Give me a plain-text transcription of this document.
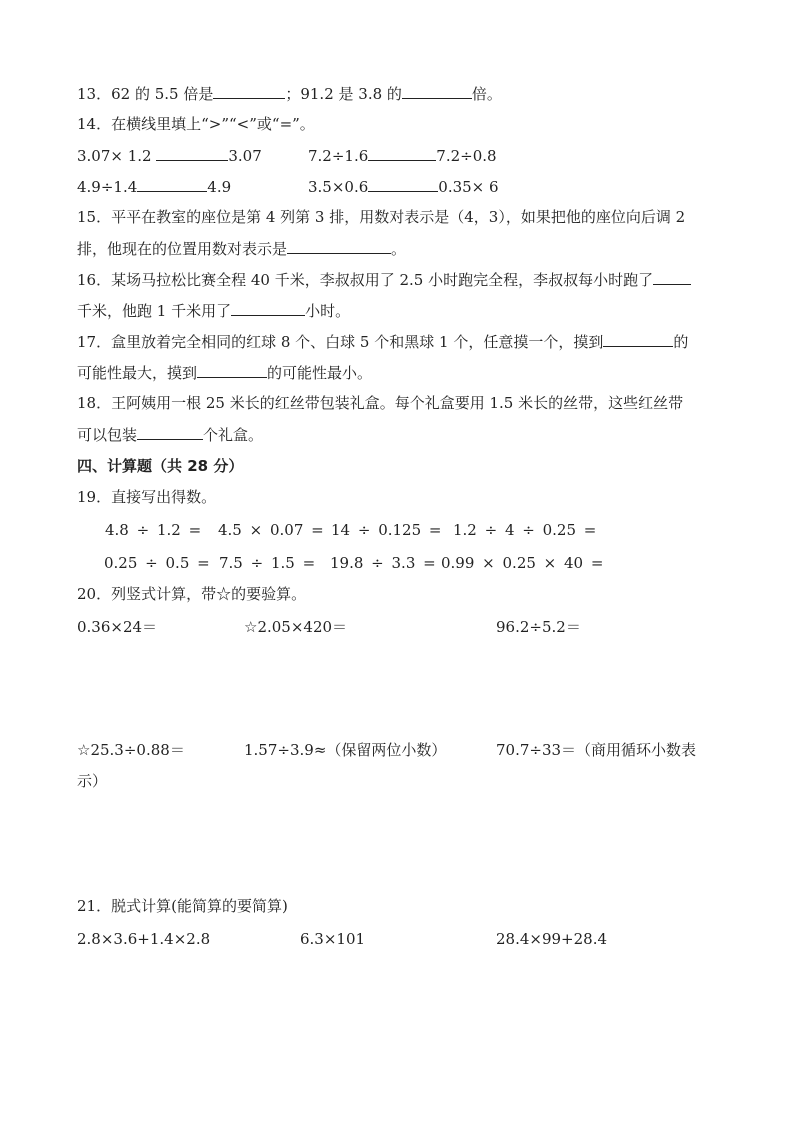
13．62 的 5.5 倍是	；91.2 是 3.8 的	倍。
14．在横线里填上“>”“<”或“=”。
3.07× 1.2	3.07	7.2÷1.6	7.2÷0.8
4.9÷1.4	4.9	3.5×0.6	0.35× 6
15．平平在教室的座位是第 4 列第 3 排，用数对表示是（4，3），如果把他的座位向后调 2
排，他现在的位置用数对表示是	。
16．某场马拉松比赛全程 40 千米，李叔叔用了 2.5 小时跑完全程，李叔叔每小时跑了
千米，他跑 1 千米用了	小时。
17．盒里放着完全相同的红球 8 个、白球 5 个和黑球 1 个，任意摸一个，摸到	的
可能性最大，摸到	的可能性最小。
18．王阿姨用一根 25 米长的红丝带包装礼盒。每个礼盒要用 1.5 米长的丝带，这些红丝带
可以包装	个礼盒。
四、计算题（共 28 分）
19．直接写出得数。
4.8 ÷ 1.2 = 4.5 × 0.07 = 14 ÷ 0.125 = 1.2 ÷ 4 ÷ 0.25 =
0.25 ÷ 0.5 = 7.5 ÷ 1.5 = 19.8 ÷ 3.3 = 0.99 × 0.25 × 40 =
20．列竖式计算，带☆的要验算。
0.36×24＝	☆2.05×420＝	96.2÷5.2＝
☆25.3÷0.88＝	1.57÷3.9≈（保留两位小数）	70.7÷33＝（商用循环小数表
示）
21．脱式计算(能简算的要简算)
2.8×3.6+1.4×2.8	6.3×101	28.4×99+28.4
